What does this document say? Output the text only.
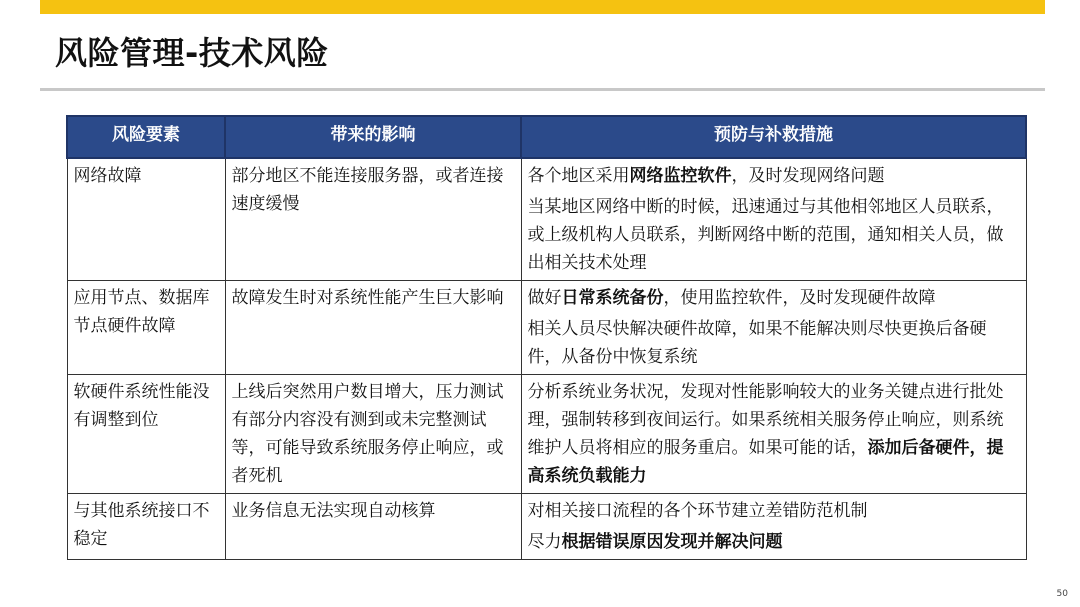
风险管理-技术风险
风险要素	带来的影响	预防与补救措施
网络故障	部分地区不能连接服务器，或者连接速度缓慢	各个地区采用网络监控软件，及时发现网络问题
当某地区网络中断的时候，迅速通过与其他相邻地区人员联系，或上级机构人员联系，判断网络中断的范围，通知相关人员，做出相关技术处理

应用节点、数据库节点硬件故障	故障发生时对系统性能产生巨大影响	做好日常系统备份，使用监控软件，及时发现硬件故障
相关人员尽快解决硬件故障，如果不能解决则尽快更换后备硬件，从备份中恢复系统

软硬件系统性能没有调整到位	上线后突然用户数目增大，压力测试有部分内容没有测到或未完整测试等，可能导致系统服务停止响应，或者死机	分析系统业务状况，发现对性能影响较大的业务关键点进行批处理，强制转移到夜间运行。如果系统相关服务停止响应，则系统维护人员将相应的服务重启。如果可能的话，添加后备硬件，提高系统负载能力

与其他系统接口不稳定	业务信息无法实现自动核算	对相关接口流程的各个环节建立差错防范机制
尽力根据错误原因发现并解决问题
50
